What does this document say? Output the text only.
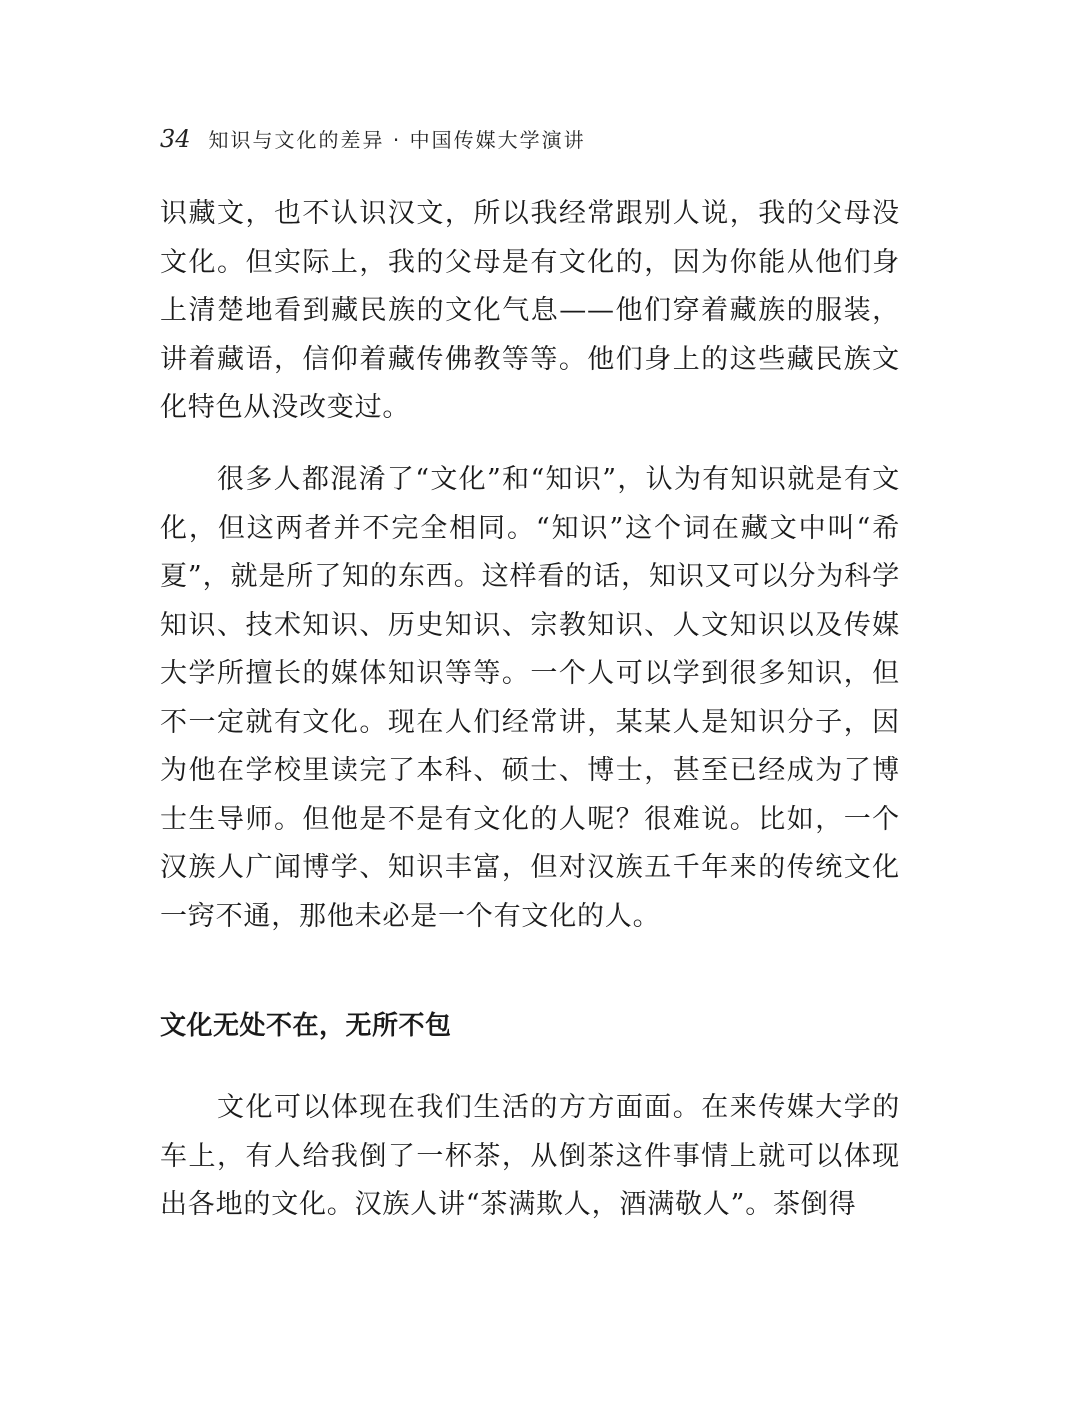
34 知识与文化的差异 · 中国传媒大学演讲

识藏文，也不认识汉文，所以我经常跟别人说，我的父母没文化。但实际上，我的父母是有文化的，因为你能从他们身上清楚地看到藏民族的文化气息——他们穿着藏族的服装，讲着藏语，信仰着藏传佛教等等。他们身上的这些藏民族文化特色从没改变过。

很多人都混淆了“文化”和“知识”，认为有知识就是有文化，但这两者并不完全相同。“知识”这个词在藏文中叫“希夏”，就是所了知的东西。这样看的话，知识又可以分为科学知识、技术知识、历史知识、宗教知识、人文知识以及传媒大学所擅长的媒体知识等等。一个人可以学到很多知识，但不一定就有文化。现在人们经常讲，某某人是知识分子，因为他在学校里读完了本科、硕士、博士，甚至已经成为了博士生导师。但他是不是有文化的人呢？很难说。比如，一个汉族人广闻博学、知识丰富，但对汉族五千年来的传统文化一窍不通，那他未必是一个有文化的人。

文化无处不在，无所不包

文化可以体现在我们生活的方方面面。在来传媒大学的车上，有人给我倒了一杯茶，从倒茶这件事情上就可以体现出各地的文化。汉族人讲“茶满欺人，酒满敬人”。茶倒得
